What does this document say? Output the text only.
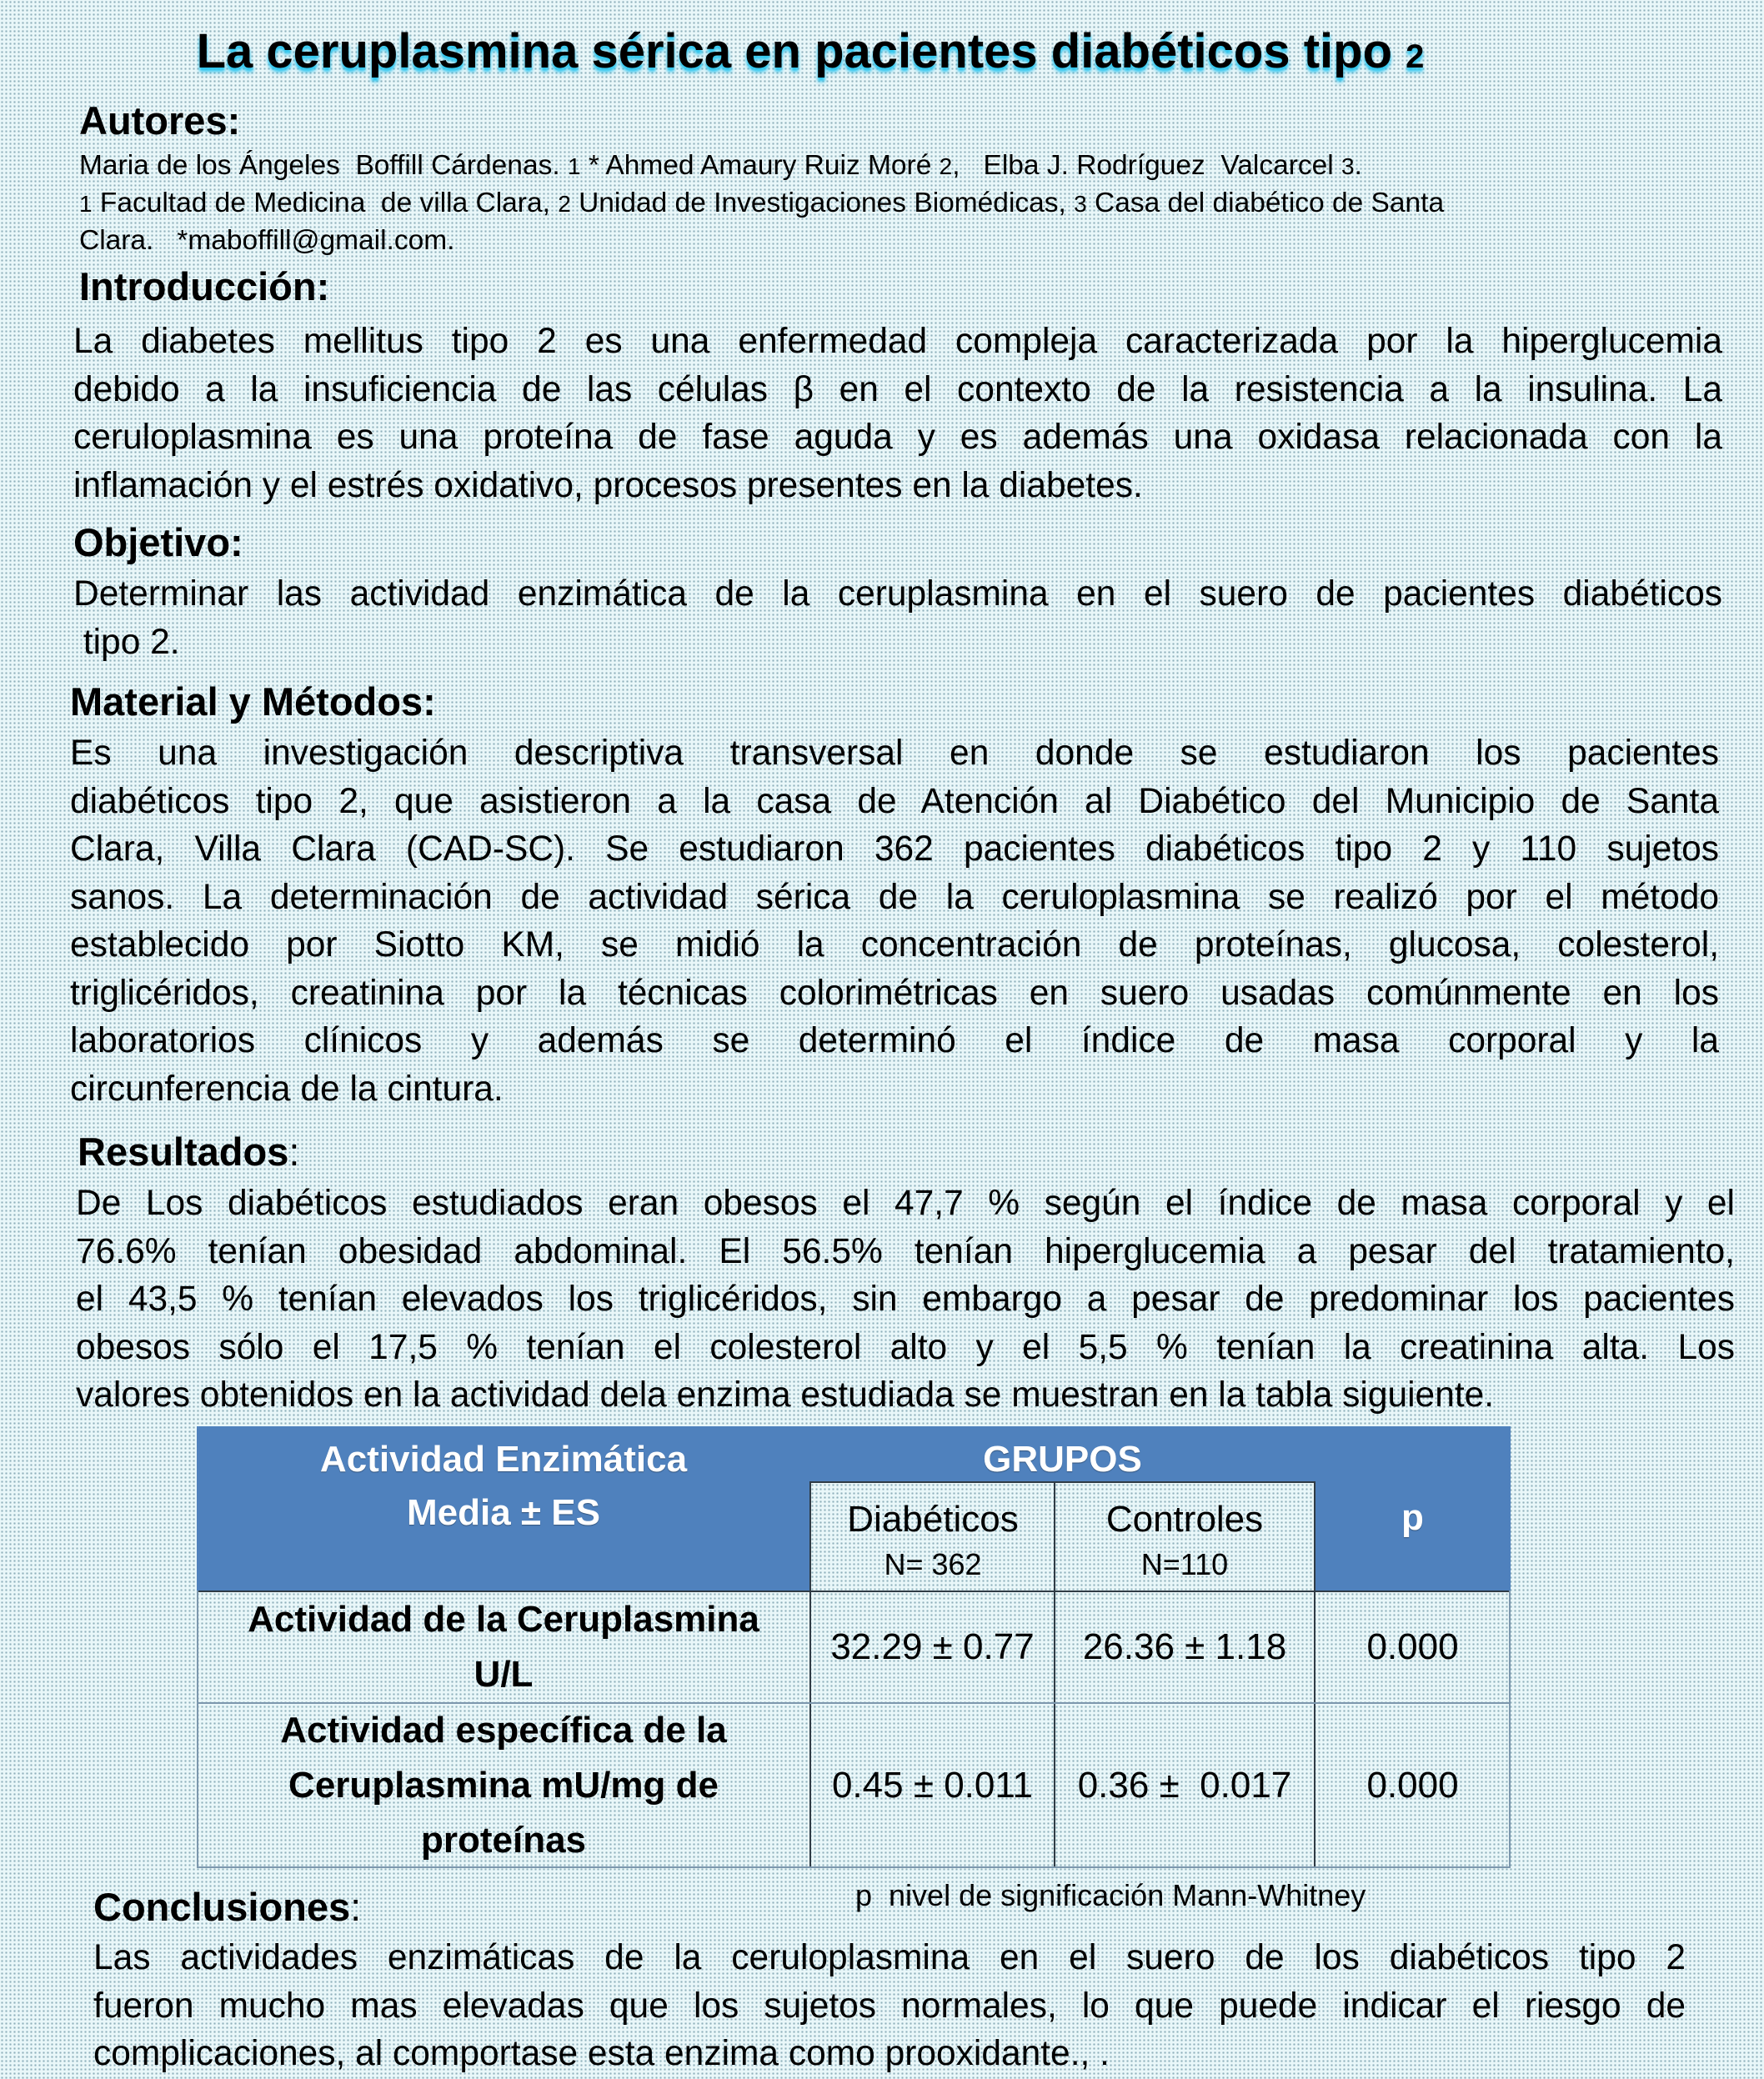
La ceruplasmina sérica en pacientes diabéticos tipo 2
Autores:
Maria de los Ángeles  Boffill Cárdenas. 1 * Ahmed Amaury Ruiz Moré 2, Elba J. Rodríguez  Valcarcel 3.
1 Facultad de Medicina  de villa Clara, 2 Unidad de Investigaciones Biomédicas, 3 Casa del diabético de Santa
Clara.   *maboffill@gmail.com.
Introducción:
La diabetes mellitus tipo 2 es una enfermedad compleja caracterizada por la hiperglucemia
debido a la insuficiencia de las células β en el contexto de la resistencia a la insulina. La
ceruloplasmina es una proteína de fase aguda y es además una oxidasa relacionada con la
inflamación y el estrés oxidativo, procesos presentes en la diabetes.
Objetivo:
Determinar las actividad enzimática de la ceruplasmina en el suero de pacientes diabéticos
tipo 2.
Material y Métodos:
Es una investigación descriptiva transversal en donde se estudiaron los pacientes
diabéticos tipo 2, que asistieron a la casa de Atención al Diabético del Municipio de Santa
Clara, Villa Clara (CAD-SC). Se estudiaron 362 pacientes diabéticos tipo 2 y 110 sujetos
sanos. La determinación de actividad sérica de la ceruloplasmina se realizó por el método
establecido por Siotto KM, se midió la concentración de proteínas, glucosa, colesterol,
triglicéridos, creatinina por la técnicas colorimétricas en suero usadas comúnmente en los
laboratorios clínicos y además se determinó el índice de masa corporal y la
circunferencia de la cintura.
Resultados:
De Los diabéticos estudiados eran obesos el 47,7 % según el índice de masa corporal y el
76.6% tenían obesidad abdominal. El 56.5% tenían hiperglucemia a pesar del tratamiento,
el 43,5 % tenían elevados los triglicéridos, sin embargo a pesar de predominar los pacientes
obesos sólo el 17,5 % tenían el colesterol alto y el 5,5 % tenían la creatinina alta. Los
valores obtenidos en la actividad dela enzima estudiada se muestran en la tabla siguiente.
Actividad Enzimática
Media ± ES
GRUPOS
p
Diabéticos
N= 362
Controles
N=110
Actividad de la Ceruplasmina
U/L
32.29 ± 0.77	26.36 ± 1.18	0.000
Actividad específica de la
Ceruplasmina mU/mg de
proteínas
0.45 ± 0.011	0.36 ±  0.017	0.000
p  nivel de significación Mann-Whitney
Conclusiones:
Las actividades enzimáticas de la ceruloplasmina en el suero de los diabéticos tipo 2
fueron mucho mas elevadas que los sujetos normales, lo que puede indicar el riesgo de
complicaciones, al comportase esta enzima como prooxidante., .
